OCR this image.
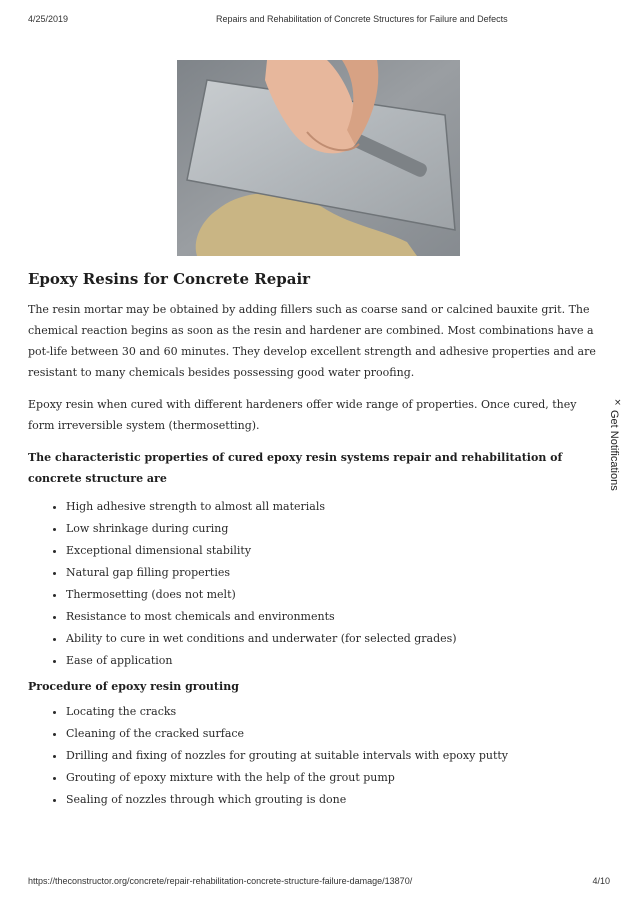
4/25/2019	Repairs and Rehabilitation of Concrete Structures for Failure and Defects
Epoxy Resins for Concrete Repair

The resin mortar may be obtained by adding fillers such as coarse sand or calcined bauxite grit. The chemical reaction begins as soon as the resin and hardener are combined. Most combinations have a pot-life between 30 and 60 minutes. They develop excellent strength and adhesive properties and are resistant to many chemicals besides possessing good water proofing.

Epoxy resin when cured with different hardeners offer wide range of properties. Once cured, they form irreversible system (thermosetting).

The characteristic properties of cured epoxy resin systems repair and rehabilitation of concrete structure are

• High adhesive strength to almost all materials
• Low shrinkage during curing
• Exceptional dimensional stability
• Natural gap filling properties
• Thermosetting (does not melt)
• Resistance to most chemicals and environments
• Ability to cure in wet conditions and underwater (for selected grades)
• Ease of application

Procedure of epoxy resin grouting

• Locating the cracks
• Cleaning of the cracked surface
• Drilling and fixing of nozzles for grouting at suitable intervals with epoxy putty
• Grouting of epoxy mixture with the help of the grout pump
• Sealing of nozzles through which grouting is done
×
Get Notifications
https://theconstructor.org/concrete/repair-rehabilitation-concrete-structure-failure-damage/13870/	4/10
